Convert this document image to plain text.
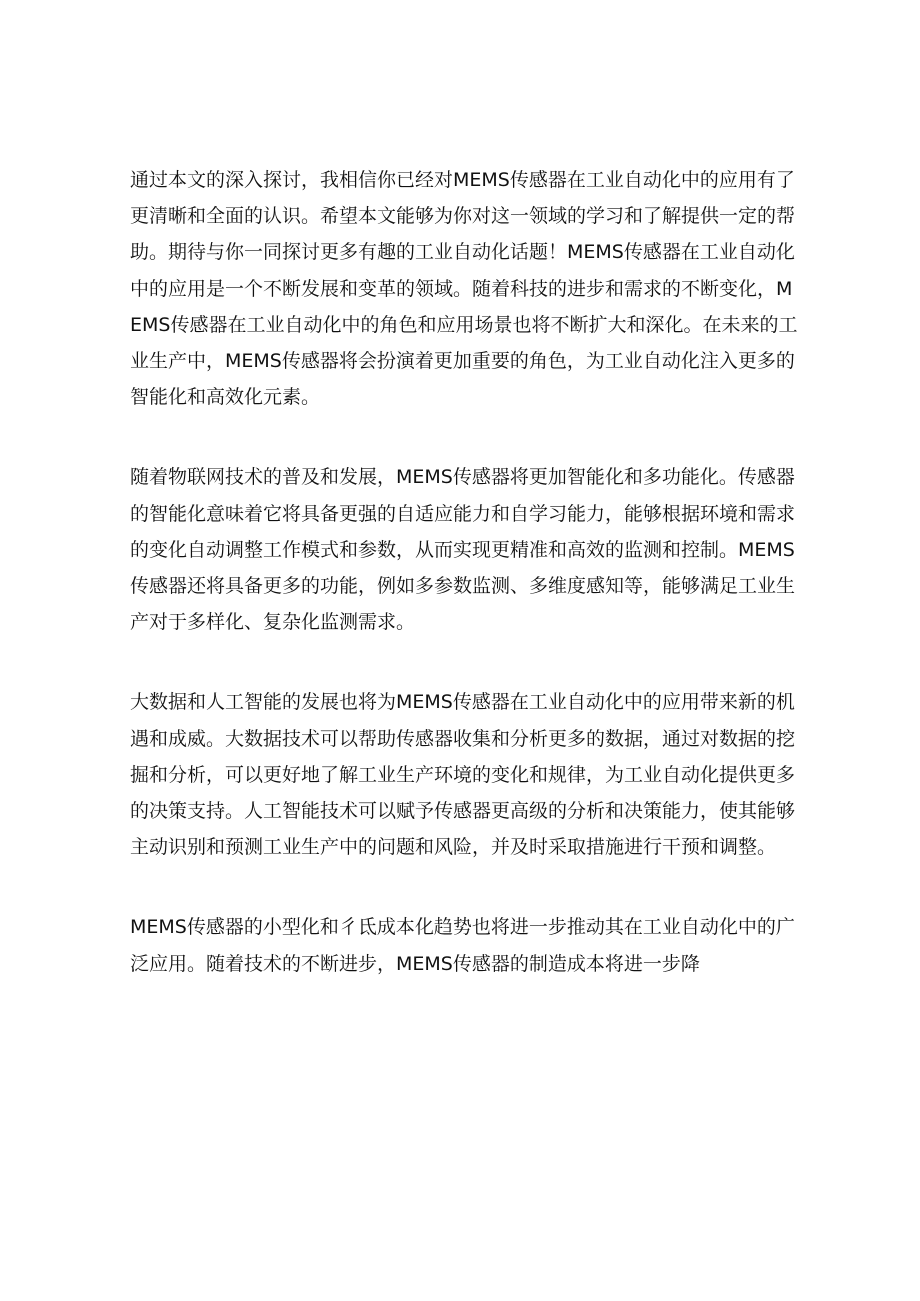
通过本文的深入探讨，我相信你已经对MEMS传感器在工业自动化中的应用有了更清晰和全面的认识。希望本文能够为你对这一领域的学习和了解提供一定的帮助。期待与你一同探讨更多有趣的工业自动化话题！MEMS传感器在工业自动化中的应用是一个不断发展和变革的领域。随着科技的进步和需求的不断变化，MEMS传感器在工业自动化中的角色和应用场景也将不断扩大和深化。在未来的工业生产中，MEMS传感器将会扮演着更加重要的角色，为工业自动化注入更多的智能化和高效化元素。

随着物联网技术的普及和发展，MEMS传感器将更加智能化和多功能化。传感器的智能化意味着它将具备更强的自适应能力和自学习能力，能够根据环境和需求的变化自动调整工作模式和参数，从而实现更精准和高效的监测和控制。MEMS传感器还将具备更多的功能，例如多参数监测、多维度感知等，能够满足工业生产对于多样化、复杂化监测需求。

大数据和人工智能的发展也将为MEMS传感器在工业自动化中的应用带来新的机遇和成威。大数据技术可以帮助传感器收集和分析更多的数据，通过对数据的挖掘和分析，可以更好地了解工业生产环境的变化和规律，为工业自动化提供更多的决策支持。人工智能技术可以赋予传感器更高级的分析和决策能力，使其能够主动识别和预测工业生产中的问题和风险，并及时采取措施进行干预和调整。

MEMS传感器的小型化和彳氐成本化趋势也将进一步推动其在工业自动化中的广泛应用。随着技术的不断进步，MEMS传感器的制造成本将进一步降
